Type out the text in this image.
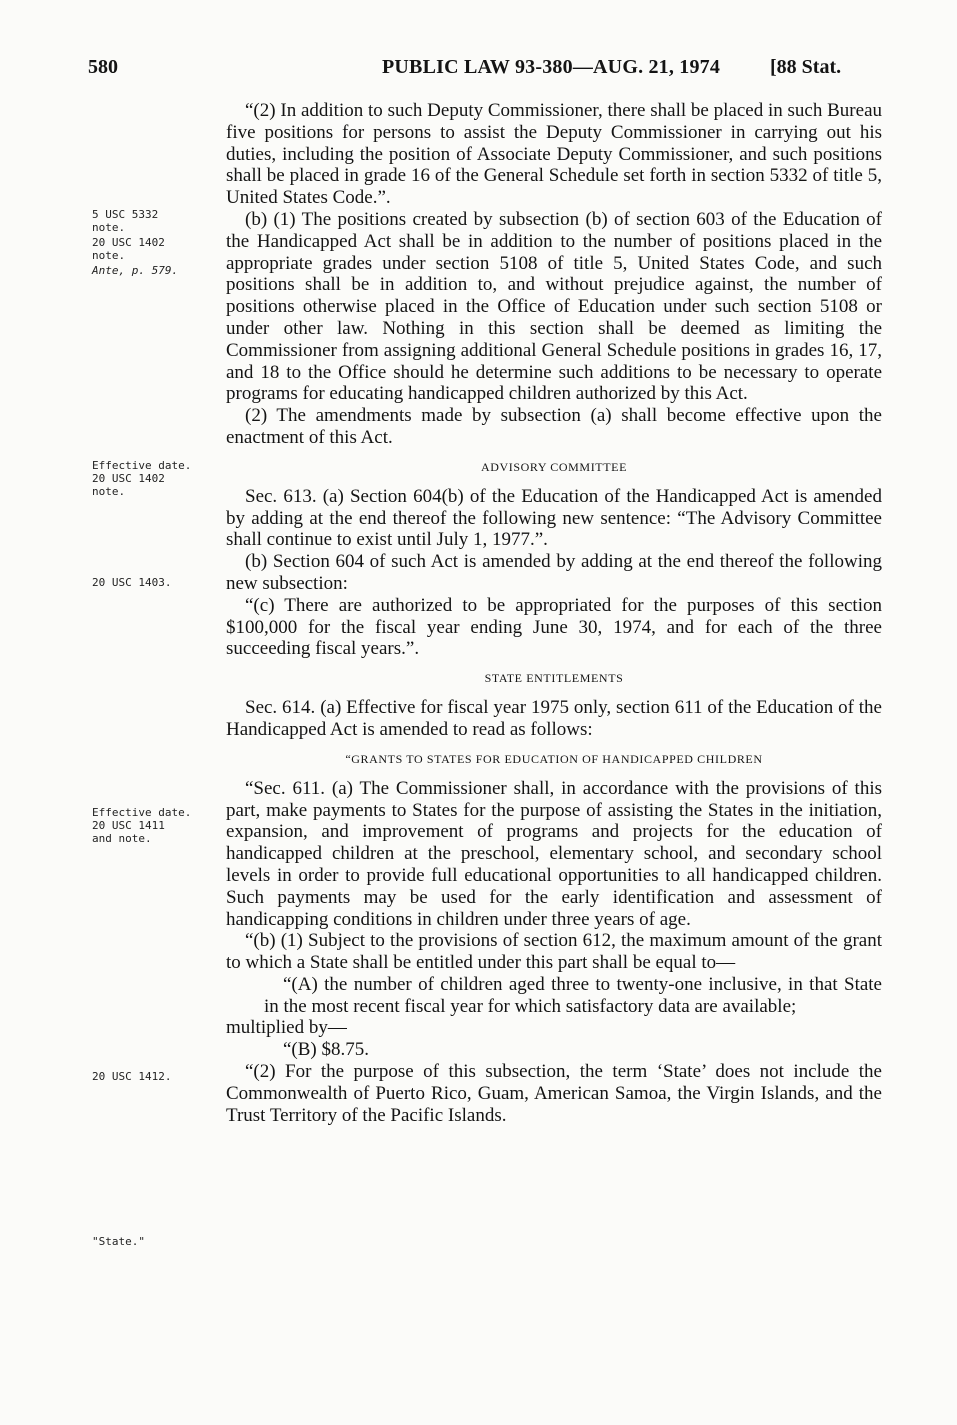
580	PUBLIC LAW 93-380—AUG. 21, 1974 [88 Stat.
5 USC 5332
note.
20 USC 1402
note.
Ante, p. 579.
Effective date.
20 USC 1402
note.
20 USC 1403.
Effective date.
20 USC 1411
and note.
20 USC 1412.
"State."

“(2) In addition to such Deputy Commissioner, there shall be placed in such Bureau five positions for persons to assist the Deputy Commissioner in carrying out his duties, including the position of Associate Deputy Commissioner, and such positions shall be placed in grade 16 of the General Schedule set forth in section 5332 of title 5, United States Code.”.

(b) (1) The positions created by subsection (b) of section 603 of the Education of the Handicapped Act shall be in addition to the number of positions placed in the appropriate grades under section 5108 of title 5, United States Code, and such positions shall be in addition to, and without prejudice against, the number of positions otherwise placed in the Office of Education under such section 5108 or under other law. Nothing in this section shall be deemed as limiting the Commissioner from assigning additional General Schedule positions in grades 16, 17, and 18 to the Office should he determine such additions to be necessary to operate programs for educating handicapped children authorized by this Act.

(2) The amendments made by subsection (a) shall become effective upon the enactment of this Act.

ADVISORY COMMITTEE

Sec. 613. (a) Section 604(b) of the Education of the Handicapped Act is amended by adding at the end thereof the following new sentence: “The Advisory Committee shall continue to exist until July 1, 1977.”.

(b) Section 604 of such Act is amended by adding at the end thereof the following new subsection:

“(c) There are authorized to be appropriated for the purposes of this section $100,000 for the fiscal year ending June 30, 1974, and for each of the three succeeding fiscal years.”.

STATE ENTITLEMENTS

Sec. 614. (a) Effective for fiscal year 1975 only, section 611 of the Education of the Handicapped Act is amended to read as follows:

“GRANTS TO STATES FOR EDUCATION OF HANDICAPPED CHILDREN

“Sec. 611. (a) The Commissioner shall, in accordance with the provisions of this part, make payments to States for the purpose of assisting the States in the initiation, expansion, and improvement of programs and projects for the education of handicapped children at the preschool, elementary school, and secondary school levels in order to provide full educational opportunities to all handicapped children. Such payments may be used for the early identification and assessment of handicapping conditions in children under three years of age.

“(b) (1) Subject to the provisions of section 612, the maximum amount of the grant to which a State shall be entitled under this part shall be equal to—

“(A) the number of children aged three to twenty-one inclusive, in that State in the most recent fiscal year for which satisfactory data are available;

multiplied by—

“(B) $8.75.

“(2) For the purpose of this subsection, the term ‘State’ does not include the Commonwealth of Puerto Rico, Guam, American Samoa, the Virgin Islands, and the Trust Territory of the Pacific Islands.
